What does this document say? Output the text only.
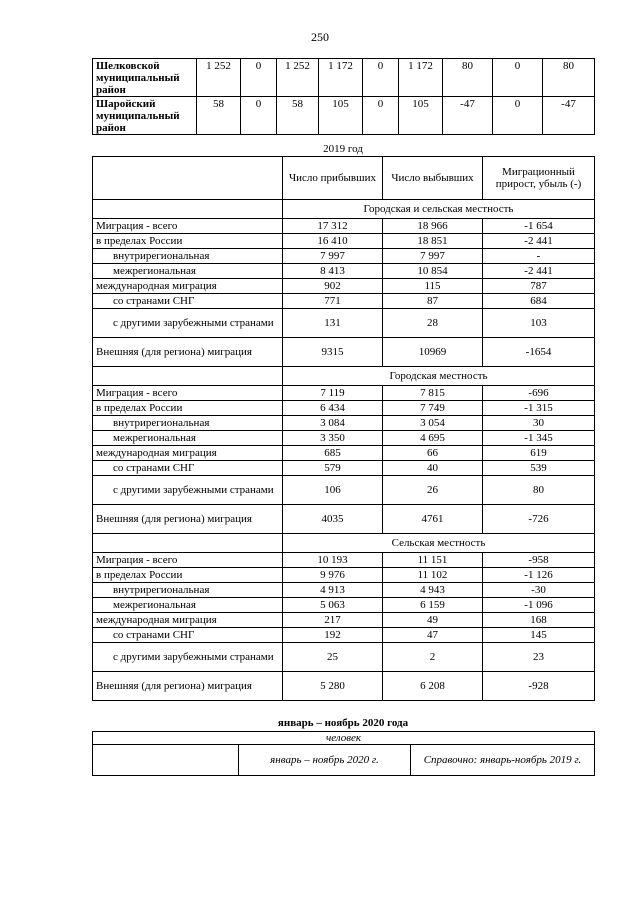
250
Шелковской муниципальный район	1 252	0	1 252	1 172	0	1 172	80	0	80
Шаройский муниципальный район	58	0	58	105	0	105	-47	0	-47
2019 год
	Число прибывших	Число выбывших	Миграционный прирост, убыль (-)
	Городская и сельская местность		
Миграция - всего	17 312	18 966	-1 654
в пределах России	16 410	18 851	-2 441
внутрирегиональная	7 997	7 997	-
межрегиональная	8 413	10 854	-2 441
международная миграция	902	115	787
со странами СНГ	771	87	684
с другими зарубежными странами	131	28	103
Внешняя (для региона) миграция	9315	10969	-1654
	Городская местность		
Миграция - всего	7 119	7 815	-696
в пределах России	6 434	7 749	-1 315
внутрирегиональная	3 084	3 054	30
межрегиональная	3 350	4 695	-1 345
международная миграция	685	66	619
со странами СНГ	579	40	539
с другими зарубежными странами	106	26	80
Внешняя (для региона) миграция	4035	4761	-726
	Сельская местность		
Миграция - всего	10 193	11 151	-958
в пределах России	9 976	11 102	-1 126
внутрирегиональная	4 913	4 943	-30
межрегиональная	5 063	6 159	-1 096
международная миграция	217	49	168
со странами СНГ	192	47	145
с другими зарубежными странами	25	2	23
Внешняя (для региона) миграция	5 280	6 208	-928
январь – ноябрь 2020 года
человек
	январь – ноябрь 2020 г.	Справочно: январь-ноябрь 2019 г.
